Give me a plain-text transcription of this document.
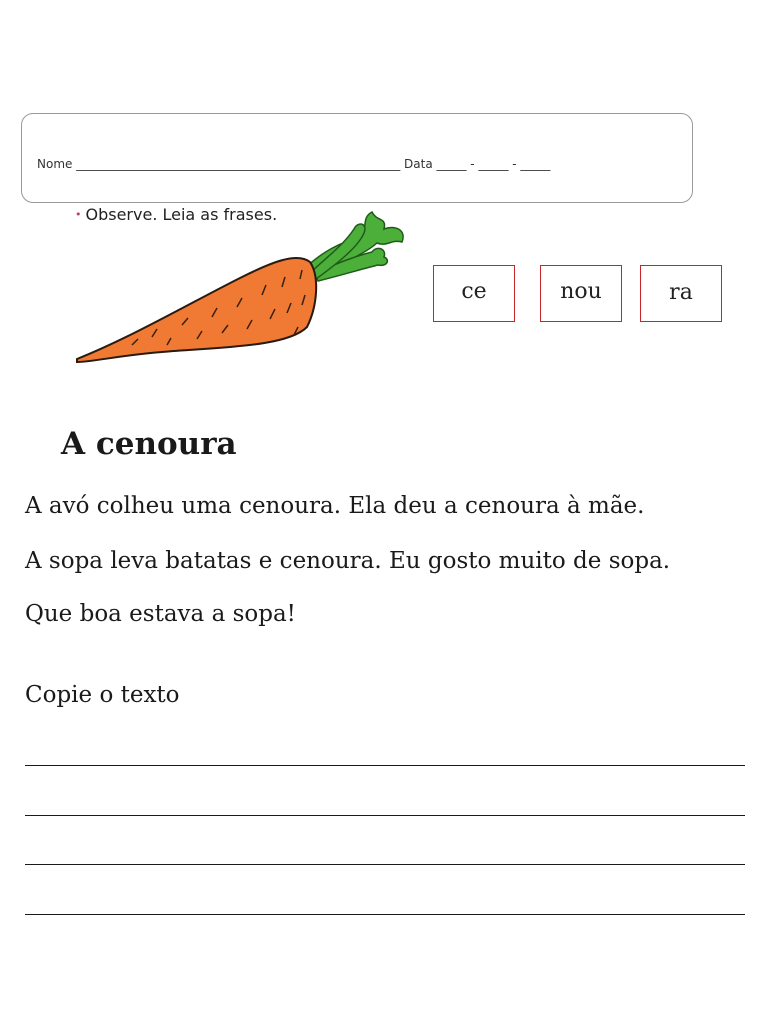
Nome ______________________________________________________ Data _____ - _____ - _____
• Observe. Leia as frases.
ce	nou	ra
A cenoura

A avó colheu uma cenoura. Ela deu a cenoura à mãe.

A sopa leva batatas e cenoura. Eu gosto muito de sopa.

Que boa estava a sopa!

Copie o texto
